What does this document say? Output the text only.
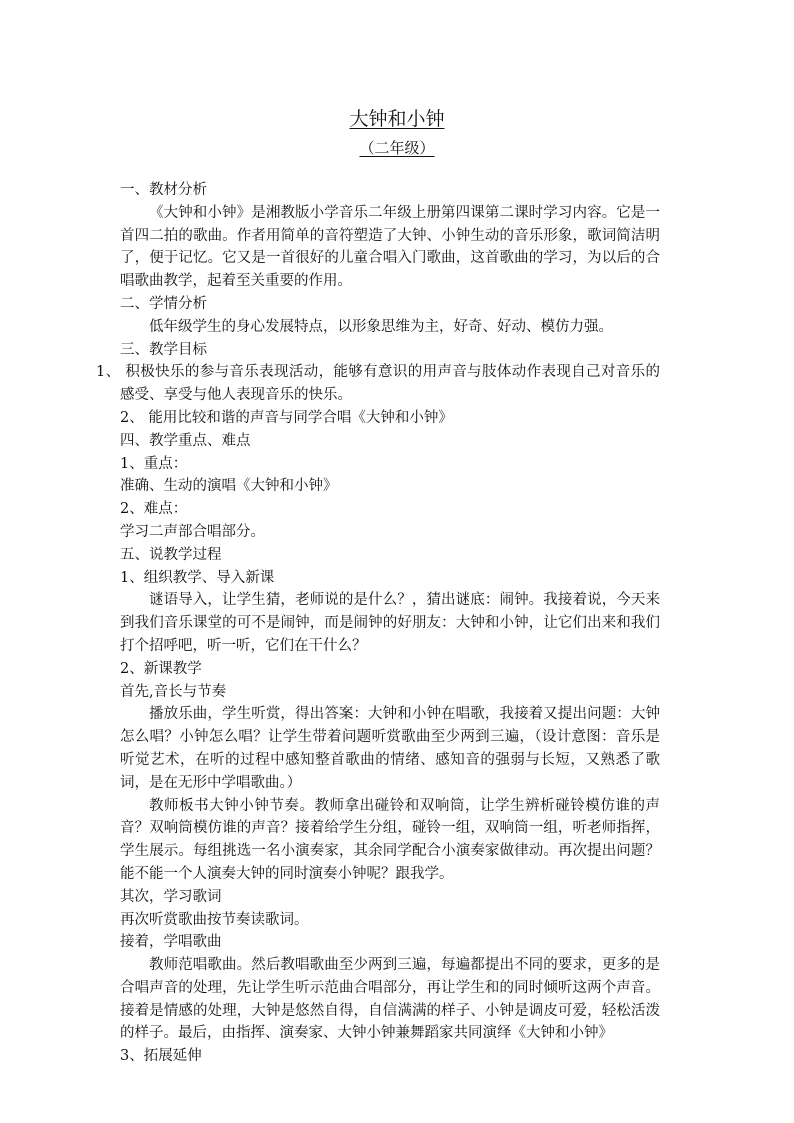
大钟和小钟
（二年级）

一、教材分析

《大钟和小钟》是湘教版小学音乐二年级上册第四课第二课时学习内容。它是一首四二拍的歌曲。作者用简单的音符塑造了大钟、小钟生动的音乐形象，歌词简洁明了，便于记忆。它又是一首很好的儿童合唱入门歌曲，这首歌曲的学习，为以后的合唱歌曲教学，起着至关重要的作用。

二、学情分析

低年级学生的身心发展特点，以形象思维为主，好奇、好动、模仿力强。

三、教学目标

1、 积极快乐的参与音乐表现活动，能够有意识的用声音与肢体动作表现自己对音乐的感受、享受与他人表现音乐的快乐。

2、 能用比较和谐的声音与同学合唱《大钟和小钟》

四、教学重点、难点

1、重点：

准确、生动的演唱《大钟和小钟》

2、难点：

学习二声部合唱部分。

五、说教学过程

1、组织教学、导入新课

谜语导入，让学生猜，老师说的是什么？，猜出谜底：闹钟。我接着说，今天来到我们音乐课堂的可不是闹钟，而是闹钟的好朋友：大钟和小钟，让它们出来和我们打个招呼吧，听一听，它们在干什么？

2、新课教学

首先,音长与节奏

播放乐曲，学生听赏，得出答案：大钟和小钟在唱歌，我接着又提出问题：大钟怎么唱？小钟怎么唱？让学生带着问题听赏歌曲至少两到三遍，（设计意图：音乐是听觉艺术，在听的过程中感知整首歌曲的情绪、感知音的强弱与长短，又熟悉了歌词，是在无形中学唱歌曲。）

教师板书大钟小钟节奏。教师拿出碰铃和双响筒，让学生辨析碰铃模仿谁的声音？双响筒模仿谁的声音？接着给学生分组，碰铃一组，双响筒一组，听老师指挥，学生展示。每组挑选一名小演奏家，其余同学配合小演奏家做律动。再次提出问题？能不能一个人演奏大钟的同时演奏小钟呢？跟我学。

其次，学习歌词

再次听赏歌曲按节奏读歌词。

接着，学唱歌曲

教师范唱歌曲。然后教唱歌曲至少两到三遍，每遍都提出不同的要求，更多的是合唱声音的处理，先让学生听示范曲合唱部分，再让学生和的同时倾听这两个声音。接着是情感的处理，大钟是悠然自得，自信满满的样子、小钟是调皮可爱，轻松活泼的样子。最后，由指挥、演奏家、大钟小钟兼舞蹈家共同演绎《大钟和小钟》

3、拓展延伸
